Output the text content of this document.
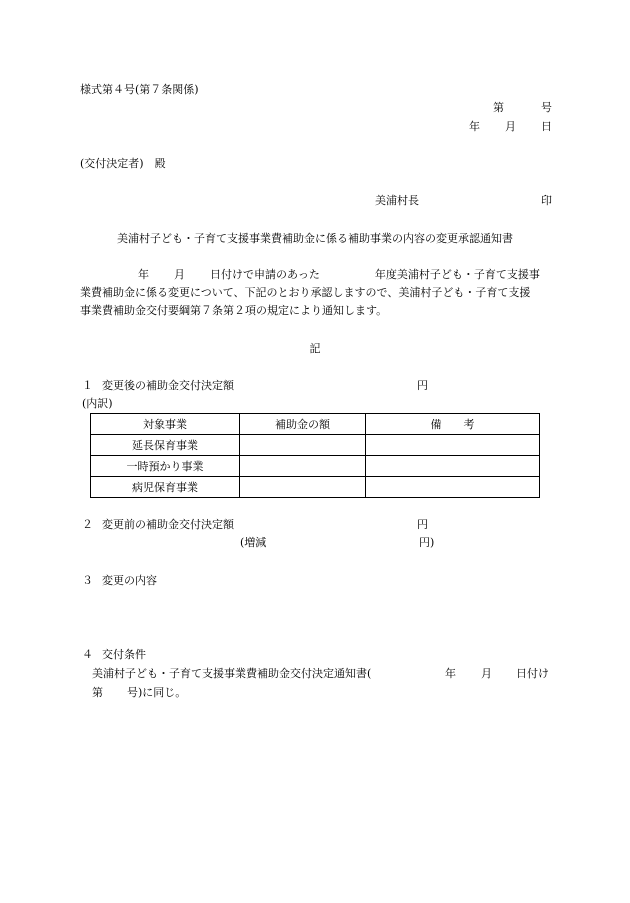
様式第４号(第７条関係)
第	号
年 月 日
(交付決定者)　殿
美浦村長	印
美浦村子ども・子育て支援事業費補助金に係る補助事業の内容の変更承認通知書
年 月 日付けで申請のあった　　　　　年度美浦村子ども・子育て支援事
業費補助金に係る変更について、下記のとおり承認しますので、美浦村子ども・子育て支援
事業費補助金交付要綱第７条第２項の規定により通知します。
記
１ 変更後の補助金交付決定額	円
(内訳)
対象事業	補助金の額	備　　考
延長保育事業		
一時預かり事業		
病児保育事業		
２ 変更前の補助金交付決定額	円
(増減	円)
３ 変更の内容
４ 交付条件
美浦村子ども・子育て支援事業費補助金交付決定通知書(	年 月 日付け
第 号)に同じ。
